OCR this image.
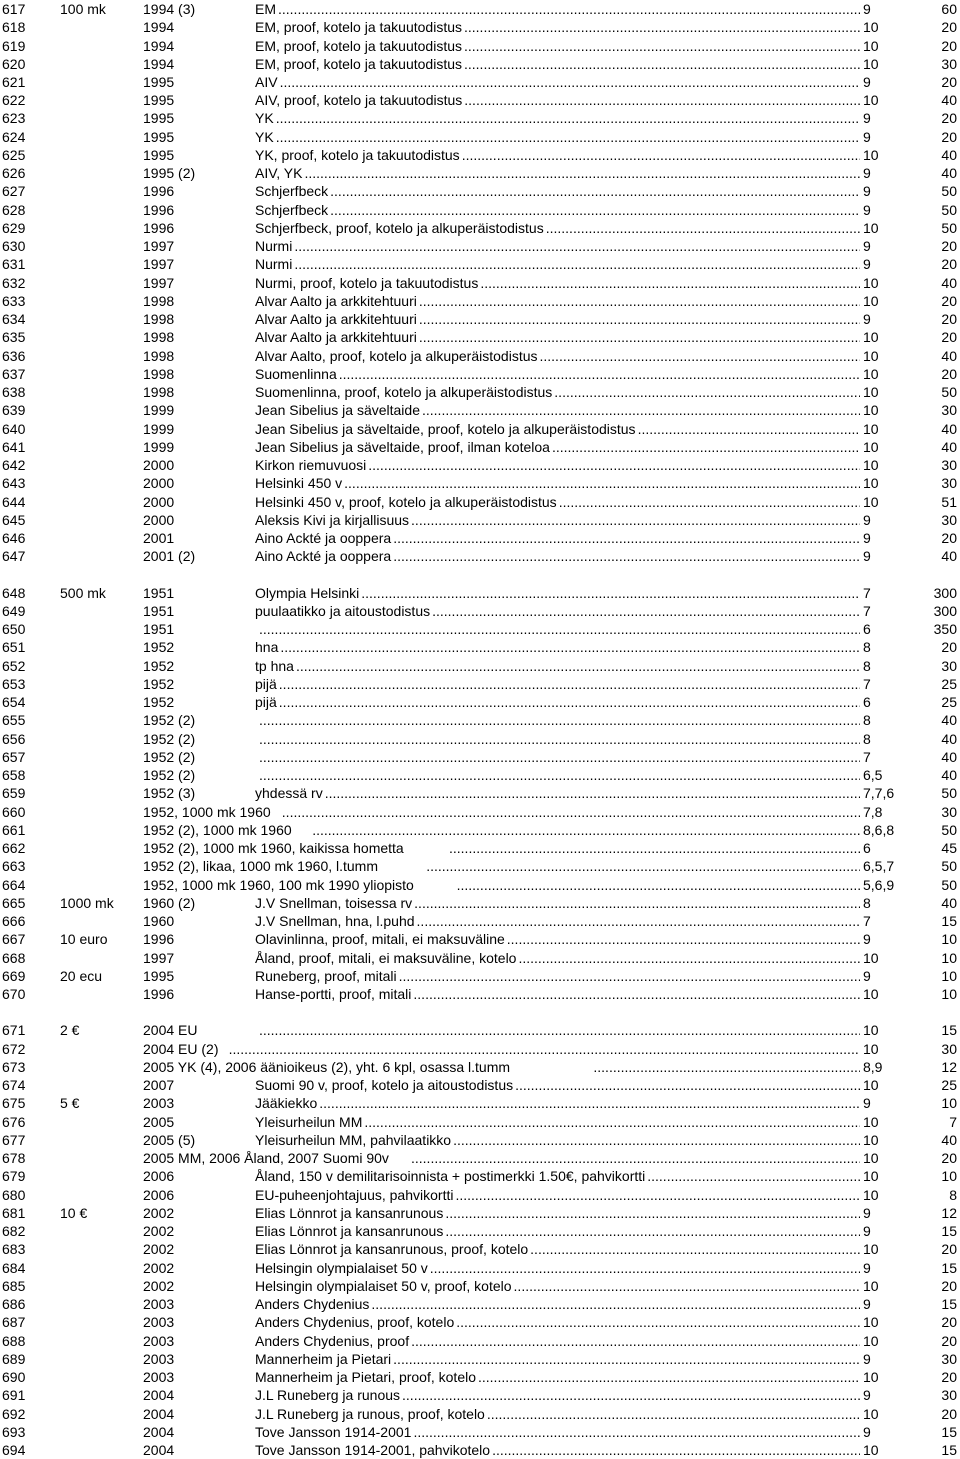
617 100 mk	1994 (3)	EM .....	9	60
618	1994	EM, proof, kotelo ja takuutodistus .....	10	20
619	1994	EM, proof, kotelo ja takuutodistus .....	10	20
620	1994	EM, proof, kotelo ja takuutodistus .....	10	30
621	1995	AIV .....	9	20
622	1995	AIV, proof, kotelo ja takuutodistus .....	10	40
623	1995	YK .....	9	20
624	1995	YK .....	9	20
625	1995	YK, proof, kotelo ja takuutodistus .....	10	40
626	1995 (2)	AIV, YK .....	9	40
627	1996	Schjerfbeck .....	9	50
628	1996	Schjerfbeck .....	9	50
629	1996	Schjerfbeck, proof, kotelo ja alkuperäistodistus .....	10	50
630	1997	Nurmi .....	9	20
631	1997	Nurmi .....	9	20
632	1997	Nurmi, proof, kotelo ja takuutodistus .....	10	40
633	1998	Alvar Aalto ja arkkitehtuuri .....	10	20
634	1998	Alvar Aalto ja arkkitehtuuri .....	9	20
635	1998	Alvar Aalto ja arkkitehtuuri .....	10	20
636	1998	Alvar Aalto, proof, kotelo ja alkuperäistodistus .....	10	40
637	1998	Suomenlinna .....	10	20
638	1998	Suomenlinna, proof, kotelo ja alkuperäistodistus .....	10	50
639	1999	Jean Sibelius ja säveltaide .....	10	30
640	1999	Jean Sibelius ja säveltaide, proof, kotelo ja alkuperäistodistus .....	10	40
641	1999	Jean Sibelius ja säveltaide, proof, ilman koteloa .....	10	40
642	2000	Kirkon riemuvuosi .....	10	30
643	2000	Helsinki 450 v .....	10	30
644	2000	Helsinki 450 v, proof, kotelo ja alkuperäistodistus .....	10	51
645	2000	Aleksis Kivi ja kirjallisuus .....	9	30
646	2001	Aino Ackté ja ooppera .....	9	20
647	2001 (2)	Aino Ackté ja ooppera .....	9	40
648 500 mk	1951	Olympia Helsinki .....	7	300
649	1951	puulaatikko ja aitoustodistus .....	7	300
650	1951 .....	6	350
651	1952	hna .....	8	20
652	1952	tp hna .....	8	30
653	1952	pijä .....	7	25
654	1952	pijä .....	6	25
655	1952 (2) .....	8	40
656	1952 (2) .....	8	40
657	1952 (2) .....	7	40
658	1952 (2) .....	6,5	40
659	1952 (3)	yhdessä rv .....	7,7,6	50
660	1952, 1000 mk 1960 .....	7,8	30
661	1952 (2), 1000 mk 1960 .....	8,6,8	50
662	1952 (2), 1000 mk 1960, kaikissa hometta .....	6	45
663	1952 (2), likaa, 1000 mk 1960, l.tumm .....	6,5,7	50
664	1952, 1000 mk 1960, 100 mk 1990 yliopisto .....	5,6,9	50
665 1000 mk 1960 (2)	J.V Snellman, toisessa rv .....	8	40
666	1960	J.V Snellman, hna, l.puhd .....	7	15
667 10 euro	1996	Olavinlinna, proof, mitali, ei maksuväline .....	9	10
668	1997	Åland, proof, mitali, ei maksuväline, kotelo .....	10	10
669 20 ecu	1995	Runeberg, proof, mitali .....	9	10
670	1996	Hanse-portti, proof, mitali .....	10	10
671 2 €	2004 EU .....	10	15
672	2004 EU (2) .....	10	30
673	2005 YK (4), 2006 äänioikeus (2), yht. 6 kpl, osassa l.tumm .....	8,9	12
674	2007	Suomi 90 v, proof, kotelo ja aitoustodistus .....	10	25
675 5 €	2003	Jääkiekko .....	9	10
676	2005	Yleisurheilun MM .....	10	7
677	2005 (5)	Yleisurheilun MM, pahvilaatikko .....	10	40
678	2005 MM, 2006 Åland, 2007 Suomi 90v .....	10	20
679	2006	Åland, 150 v demilitarisoinnista + postimerkki 1.50€, pahvikortti .....	10	10
680	2006	EU-puheenjohtajuus, pahvikortti .....	10	8
681 10 €	2002	Elias Lönnrot ja kansanrunous .....	9	12
682	2002	Elias Lönnrot ja kansanrunous .....	9	15
683	2002	Elias Lönnrot ja kansanrunous, proof, kotelo .....	10	20
684	2002	Helsingin olympialaiset 50 v .....	9	15
685	2002	Helsingin olympialaiset 50 v, proof, kotelo .....	10	20
686	2003	Anders Chydenius .....	9	15
687	2003	Anders Chydenius, proof, kotelo .....	10	20
688	2003	Anders Chydenius, proof .....	10	20
689	2003	Mannerheim ja Pietari .....	9	30
690	2003	Mannerheim ja Pietari, proof, kotelo .....	10	20
691	2004	J.L Runeberg ja runous .....	9	30
692	2004	J.L Runeberg ja runous, proof, kotelo .....	10	20
693	2004	Tove Jansson 1914-2001 .....	9	15
694	2004	Tove Jansson 1914-2001, pahvikotelo .....	10	15
